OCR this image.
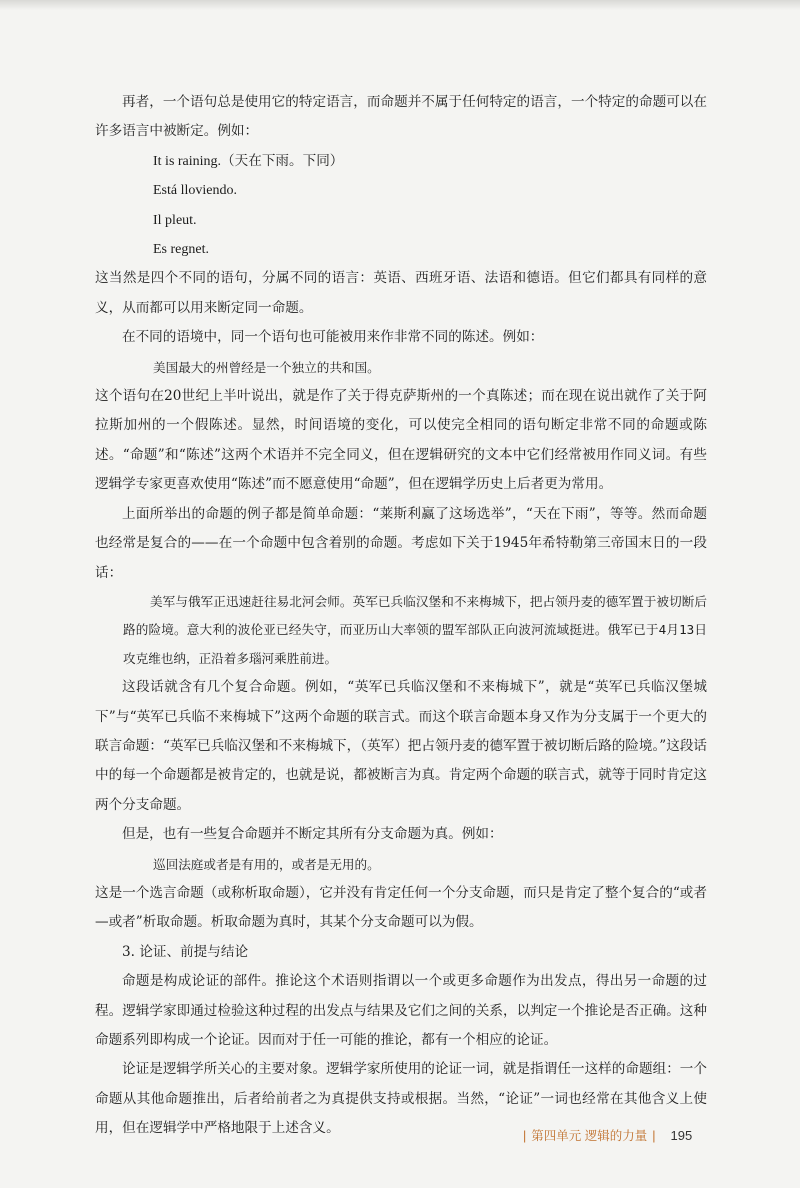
再者，一个语句总是使用它的特定语言，而命题并不属于任何特定的语言，一个特定的命题可以在许多语言中被断定。例如：

It is raining.（天在下雨。下同）

Está lloviendo.

Il pleut.

Es regnet.

这当然是四个不同的语句，分属不同的语言：英语、西班牙语、法语和德语。但它们都具有同样的意义，从而都可以用来断定同一命题。

在不同的语境中，同一个语句也可能被用来作非常不同的陈述。例如：

美国最大的州曾经是一个独立的共和国。

这个语句在20世纪上半叶说出，就是作了关于得克萨斯州的一个真陈述；而在现在说出就作了关于阿拉斯加州的一个假陈述。显然，时间语境的变化，可以使完全相同的语句断定非常不同的命题或陈述。“命题”和“陈述”这两个术语并不完全同义，但在逻辑研究的文本中它们经常被用作同义词。有些逻辑学专家更喜欢使用“陈述”而不愿意使用“命题”，但在逻辑学历史上后者更为常用。

上面所举出的命题的例子都是简单命题：“莱斯利赢了这场选举”，“天在下雨”，等等。然而命题也经常是复合的——在一个命题中包含着别的命题。考虑如下关于1945年希特勒第三帝国末日的一段话：

美军与俄军正迅速赶往易北河会师。英军已兵临汉堡和不来梅城下，把占领丹麦的德军置于被切断后路的险境。意大利的波伦亚已经失守，而亚历山大率领的盟军部队正向波河流域挺进。俄军已于4月13日攻克维也纳，正沿着多瑙河乘胜前进。

这段话就含有几个复合命题。例如，“英军已兵临汉堡和不来梅城下”，就是“英军已兵临汉堡城下”与“英军已兵临不来梅城下”这两个命题的联言式。而这个联言命题本身又作为分支属于一个更大的联言命题：“英军已兵临汉堡和不来梅城下，（英军）把占领丹麦的德军置于被切断后路的险境。”这段话中的每一个命题都是被肯定的，也就是说，都被断言为真。肯定两个命题的联言式，就等于同时肯定这两个分支命题。

但是，也有一些复合命题并不断定其所有分支命题为真。例如：

巡回法庭或者是有用的，或者是无用的。

这是一个选言命题（或称析取命题），它并没有肯定任何一个分支命题，而只是肯定了整个复合的“或者—或者”析取命题。析取命题为真时，其某个分支命题可以为假。

3. 论证、前提与结论

命题是构成论证的部件。推论这个术语则指谓以一个或更多命题作为出发点，得出另一命题的过程。逻辑学家即通过检验这种过程的出发点与结果及它们之间的关系，以判定一个推论是否正确。这种命题系列即构成一个论证。因而对于任一可能的推论，都有一个相应的论证。

论证是逻辑学所关心的主要对象。逻辑学家所使用的论证一词，就是指谓任一这样的命题组：一个命题从其他命题推出，后者给前者之为真提供支持或根据。当然，“论证”一词也经常在其他含义上使用，但在逻辑学中严格地限于上述含义。	| 第四单元 逻辑的力量 | 195
